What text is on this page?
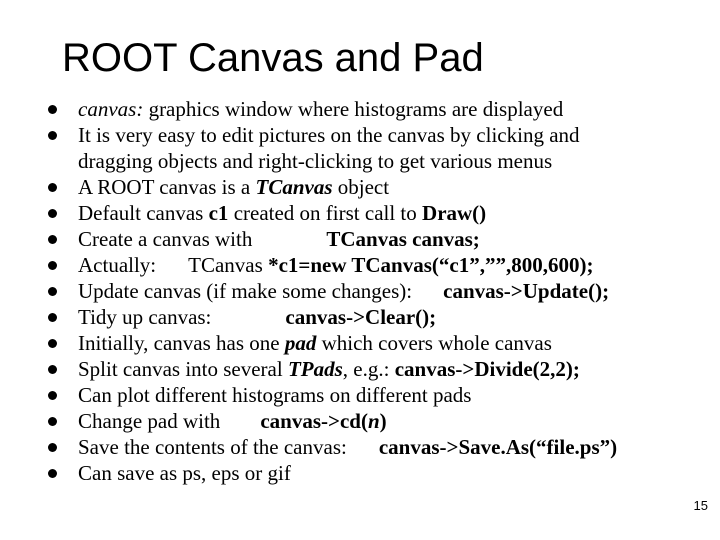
ROOT Canvas and Pad
canvas: graphics window where histograms are displayed
It is very easy to edit pictures on the canvas by clicking and
dragging objects and right-clicking to get various menus
A ROOT canvas is a TCanvas object
Default canvas c1 created on first call to Draw()
Create a canvas with	TCanvas canvas;
Actually: TCanvas *c1=new TCanvas(“c1”,””,800,600);
Update canvas (if make some changes): canvas->Update();
Tidy up canvas:	canvas->Clear();
Initially, canvas has one pad which covers whole canvas
Split canvas into several TPads, e.g.: canvas->Divide(2,2);
Can plot different histograms on different pads
Change pad with canvas->cd(n)
Save the contents of the canvas: canvas->Save.As(“file.ps”)
Can save as ps, eps or gif
15
